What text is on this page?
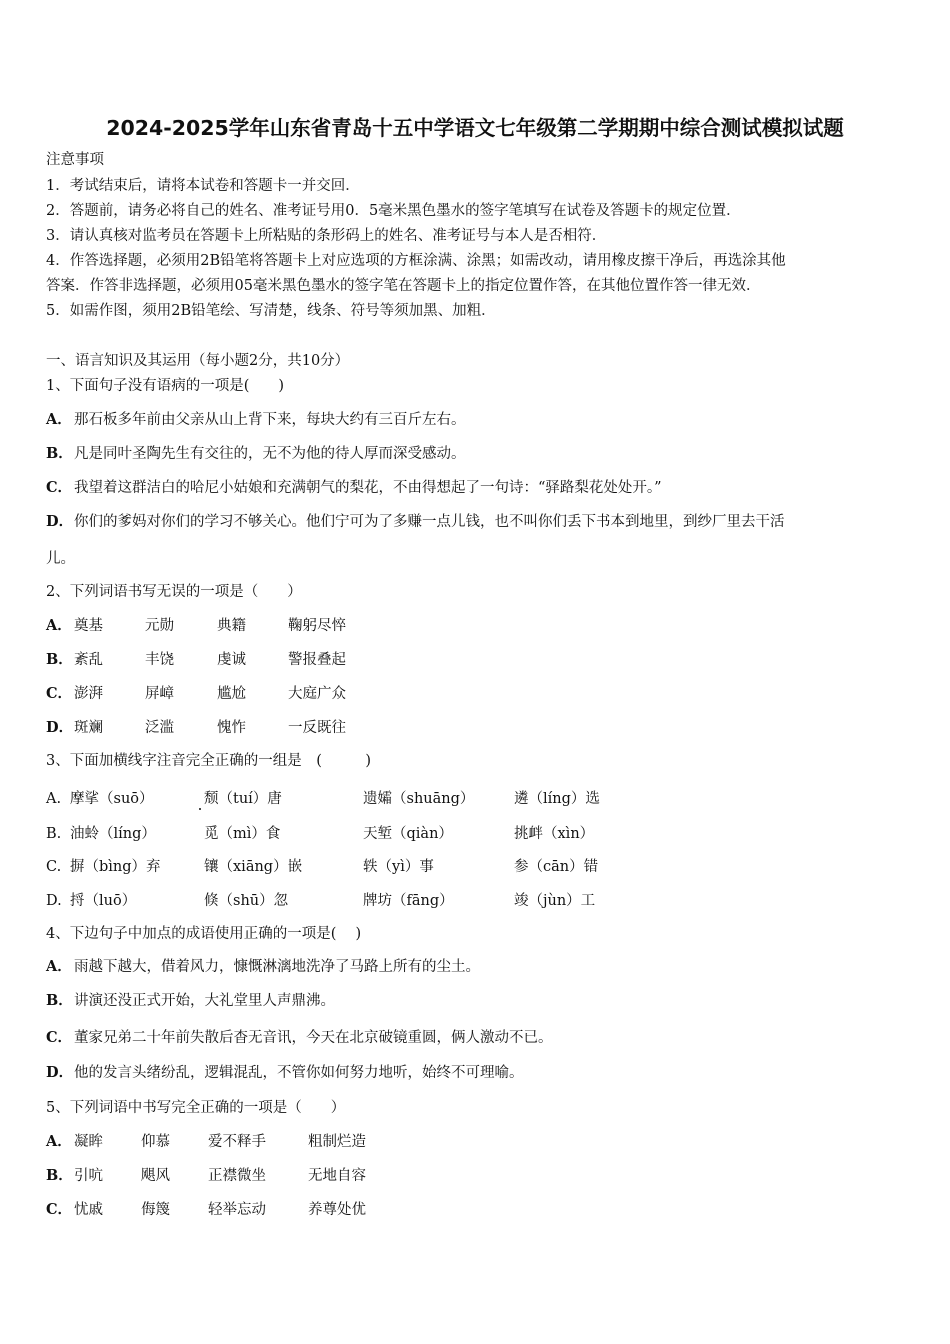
2024-2025学年山东省青岛十五中学语文七年级第二学期期中综合测试模拟试题
注意事项
1．考试结束后，请将本试卷和答题卡一并交回．
2．答题前，请务必将自己的姓名、准考证号用0．5毫米黑色墨水的签字笔填写在试卷及答题卡的规定位置．
3．请认真核对监考员在答题卡上所粘贴的条形码上的姓名、准考证号与本人是否相符．
4．作答选择题，必须用2B铅笔将答题卡上对应选项的方框涂满、涂黑；如需改动，请用橡皮擦干净后，再选涂其他
答案．作答非选择题，必须用05毫米黑色墨水的签字笔在答题卡上的指定位置作答，在其他位置作答一律无效．
5．如需作图，须用2B铅笔绘、写清楚，线条、符号等须加黑、加粗．
一、语言知识及其运用（每小题2分，共10分）
1、下面句子没有语病的一项是(　　)
A． 那石板多年前由父亲从山上背下来，每块大约有三百斤左右。
B．凡是同叶圣陶先生有交往的，无不为他的待人厚而深受感动。
C． 我望着这群洁白的哈尼小姑娘和充满朝气的梨花，不由得想起了一句诗：“驿路梨花处处开。”
D．你们的爹妈对你们的学习不够关心。他们宁可为了多赚一点儿钱，也不叫你们丢下书本到地里，到纱厂里去干活
儿。
2、下列词语书写无误的一项是（　　）
A． 奠基	元勋	典籍	鞠躬尽悴
B． 紊乱	丰饶	虔诚	警报叠起
C． 澎湃	屏嶂	尴尬	大庭广众
D． 斑斓	泛滥	愧怍	一反既往
3、下面加横线字注音完全正确的一组是　(　　　)
A. 摩挲（suō）	颓（tuí）唐	遗孀（shuāng）	遴（líng）选
B. 油蛉（líng）	觅（mì）食	天堑（qiàn）	挑衅（xìn）
C. 摒（bìng）弃	镶（xiāng）嵌	轶（yì）事	参（cān）错
D. 捋（luō）	倏（shū）忽	牌坊（fāng）	竣（jùn）工
4、下边句子中加点的成语使用正确的一项是(　 )
A． 雨越下越大，借着风力，慷慨淋漓地洗净了马路上所有的尘土。
B．讲演还没正式开始，大礼堂里人声鼎沸。
C． 董家兄弟二十年前失散后杳无音讯，今天在北京破镜重圆，俩人激动不已。
D．他的发言头绪纷乱，逻辑混乱，不管你如何努力地听，始终不可理喻。
5、下列词语中书写完全正确的一项是（　　）
A． 凝眸	仰慕	爱不释手	粗制烂造
B． 引吭	飓风	正襟微坐	无地自容
C． 忧戚	侮篾	轻举忘动	养尊处优
